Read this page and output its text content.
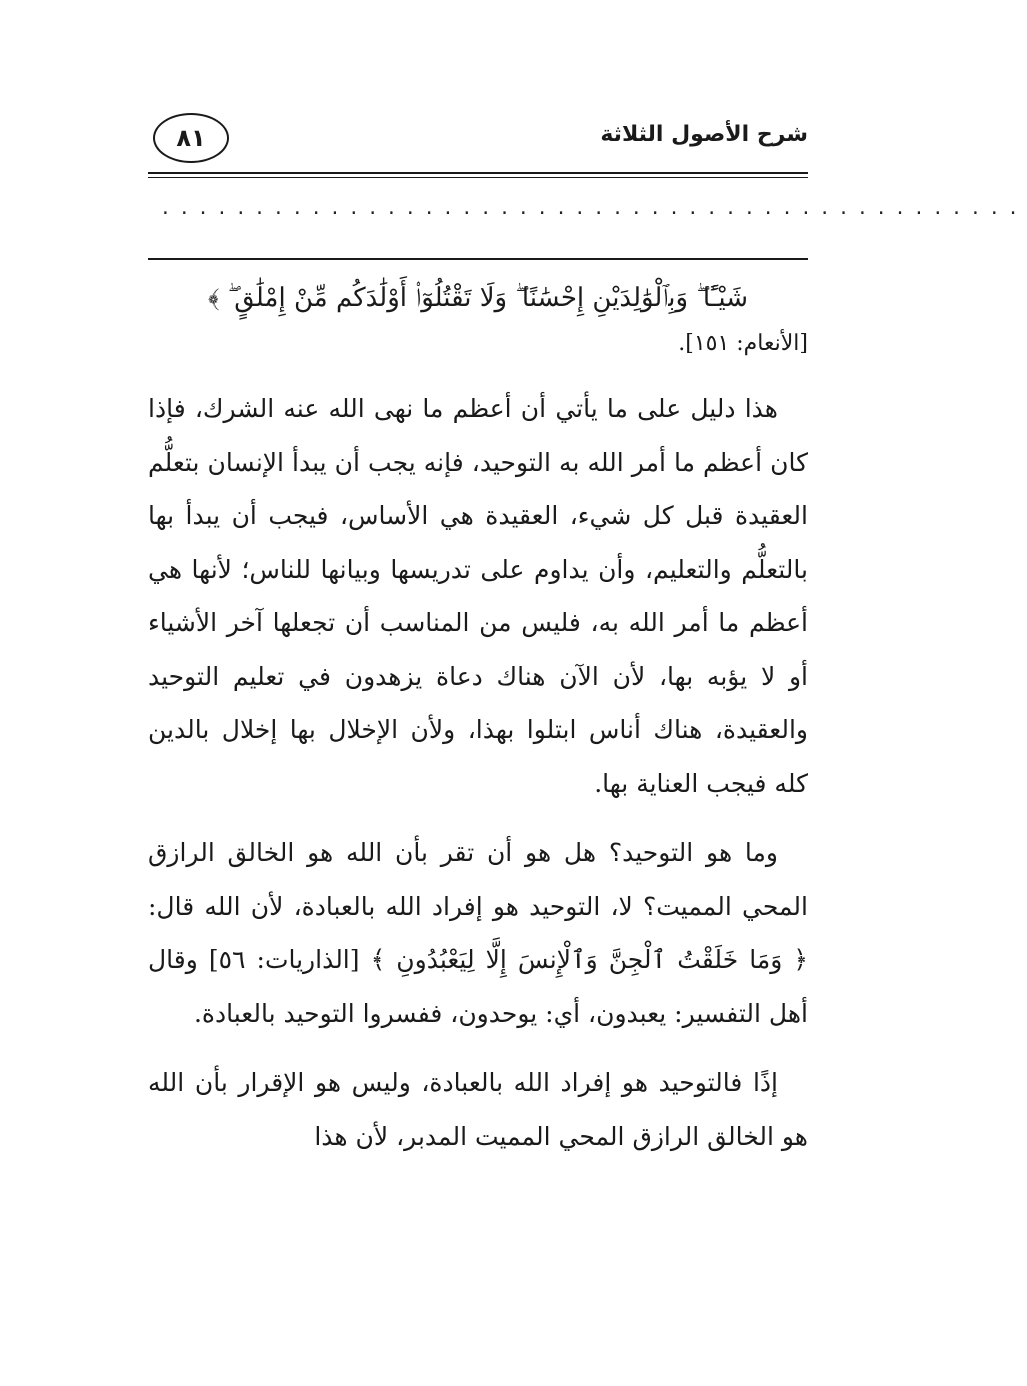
٨١	شرح الأصول الثلاثة
..............................................
شَيْـًٔا ۖ وَبِٱلْوَٰلِدَيْنِ إِحْسَٰنًا ۖ وَلَا تَقْتُلُوٓا۟ أَوْلَٰدَكُم مِّنْ إِمْلَٰقٍ ۖ ﴾
[الأنعام: ١٥١].

هذا دليل على ما يأتي أن أعظم ما نهى الله عنه الشرك، فإذا كان أعظم ما أمر الله به التوحيد، فإنه يجب أن يبدأ الإنسان بتعلُّم العقيدة قبل كل شيء، العقيدة هي الأساس، فيجب أن يبدأ بها بالتعلُّم والتعليم، وأن يداوم على تدريسها وبيانها للناس؛ لأنها هي أعظم ما أمر الله به، فليس من المناسب أن تجعلها آخر الأشياء أو لا يؤبه بها، لأن الآن هناك دعاة يزهدون في تعليم التوحيد والعقيدة، هناك أناس ابتلوا بهذا، ولأن الإخلال بها إخلال بالدين كله فيجب العناية بها.

وما هو التوحيد؟ هل هو أن تقر بأن الله هو الخالق الرازق المحي المميت؟ لا، التوحيد هو إفراد الله بالعبادة، لأن الله قال: ﴿ وَمَا خَلَقْتُ ٱلْجِنَّ وَٱلْإِنسَ إِلَّا لِيَعْبُدُونِ ﴾ [الذاريات: ٥٦] وقال أهل التفسير: يعبدون، أي: يوحدون، ففسروا التوحيد بالعبادة.

إذًا فالتوحيد هو إفراد الله بالعبادة، وليس هو الإقرار بأن الله هو الخالق الرازق المحي المميت المدبر، لأن هذا
